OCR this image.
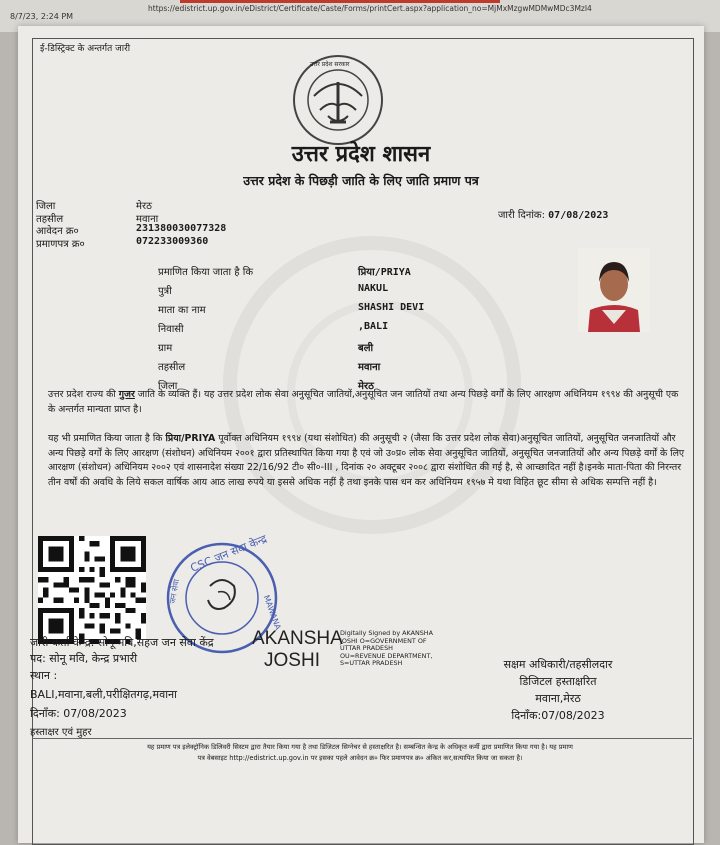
8/7/23, 2:24 PM
https://edistrict.up.gov.in/eDistrict/Certificate/Caste/Forms/printCert.aspx?application_no=MjMxMzgwMDMwMDc3MzI4
ई-डिस्ट्रिक्ट के अन्तर्गत जारी
उत्तर प्रदेश सरकार
उत्तर प्रदेश शासन
उत्तर प्रदेश के पिछड़ी जाति के लिए जाति प्रमाण पत्र
जिला	मेरठ
तहसील	मवाना
आवेदन क्र०	231380030077328
प्रमाणपत्र क्र०	072233009360
जारी दिनांक: 07/08/2023
प्रमाणित किया जाता है कि	प्रिया/PRIYA
पुत्री	NAKUL
माता का नाम	SHASHI DEVI
निवासी	,BALI
ग्राम	बली
तहसील	मवाना
जिला	मेरठ
उत्तर प्रदेश राज्य की गुजर जाति के व्यक्ति हैं। यह उत्तर प्रदेश लोक सेवा अनुसूचित जातियों,अनुसूचित जन जातियों तथा अन्य पिछड़े वर्गों के लिए आरक्षण अधिनियम १९९४ की अनुसूची एक के अन्तर्गत मान्यता प्राप्त है।
यह भी प्रमाणित किया जाता है कि प्रिया/PRIYA पूर्वोक्त अधिनियम १९९४ (यथा संशोधित) की अनुसूची २ (जैसा कि उत्तर प्रदेश लोक सेवा)अनुसूचित जातियों, अनुसूचित जनजातियों और अन्य पिछड़े वर्गों के लिए आरक्षण (संशोधन) अधिनियम २००१ द्वारा प्रतिस्थापित किया गया है एवं जो उ०प्र० लोक सेवा अनुसूचित जातियों, अनुसूचित जनजातियों और अन्य पिछड़े वर्गों के लिए आरक्षण (संशोधन) अधिनियम २००२ एवं शासनादेश संख्या 22/16/92 टी० सी०-III , दिनांक २० अक्टूबर २००८ द्वारा संशोधित की गई है, से आच्छादित नहीं है।इनके माता-पिता की निरन्तर तीन वर्षों की अवधि के लिये सकल वार्षिक आय आठ लाख रुपये या इससे अधिक नहीं है तथा इनके पास धन कर अधिनियम १९५७ मे यथा विहित छूट सीमा से अधिक सम्पत्ति नहीं है।
CSC जन सेवा केन्द्र
जन सेवा
MAWANA
जारी कर्ता केन्द्र: सोनू मवि,सहज जन सेवा केंद्र
पद: सोनू मवि, केन्द्र प्रभारी
स्थान :
BALI,मवाना,बली,परीक्षितगढ़,मवाना
दिनाँक: 07/08/2023
हस्ताक्षर एवं मुहर
AKANSHA
JOSHI
Digitally Signed by AKANSHA JOSHI O=GOVERNMENT OF UTTAR PRADESH OU=REVENUE DEPARTMENT, S=UTTAR PRADESH	सक्षम अधिकारी/तहसीलदार
डिजिटल हस्ताक्षरित
मवाना,मेरठ
दिनाँक:07/08/2023
यह प्रमाण पत्र इलेक्ट्रॉनिक डिलिवरी सिस्टम द्वारा तैयार किया गया है तथा डिजिटल सिग्नेचर से हस्ताक्षरित है। सम्बन्धित केन्द्र के अधिकृत कर्मी द्वारा प्रमाणित किया गया है। यह प्रमाण
पत्र वेबसाइट http://edistrict.up.gov.in पर इसका पहले आवेदन क्र० फिर प्रमाणपत्र क्र० अंकित कर,सत्यापित किया जा सकता है।
